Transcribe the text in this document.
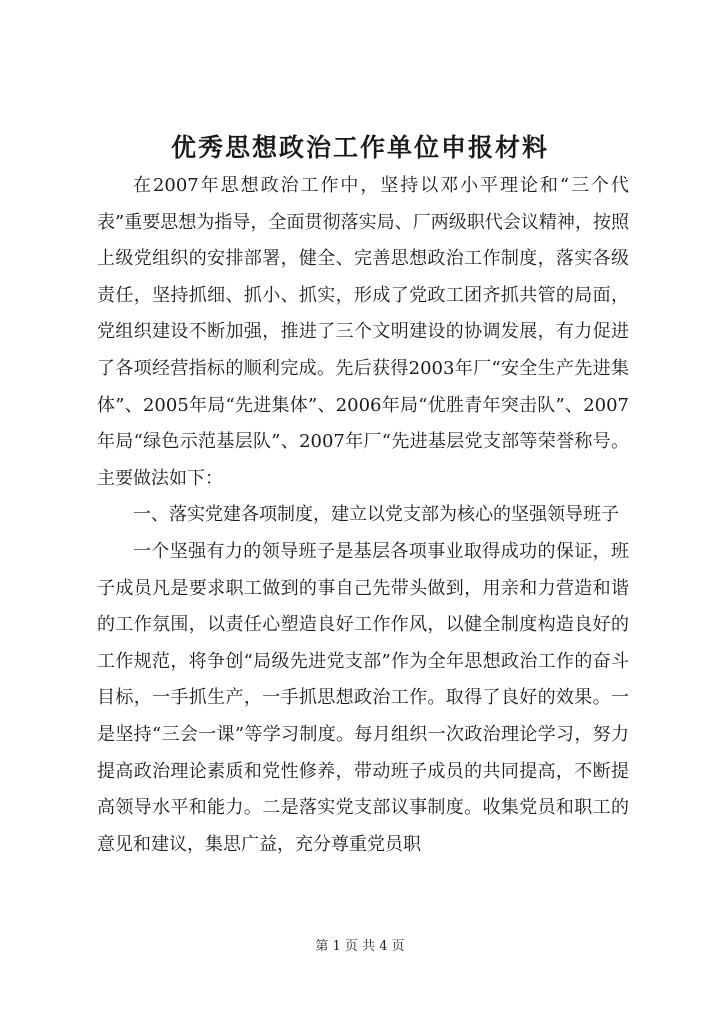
优秀思想政治工作单位申报材料

在2007年思想政治工作中，坚持以邓小平理论和“三个代表”重要思想为指导，全面贯彻落实局、厂两级职代会议精神，按照上级党组织的安排部署，健全、完善思想政治工作制度，落实各级责任，坚持抓细、抓小、抓实，形成了党政工团齐抓共管的局面，党组织建设不断加强，推进了三个文明建设的协调发展，有力促进了各项经营指标的顺利完成。先后获得2003年厂“安全生产先进集体”、2005年局“先进集体”、2006年局“优胜青年突击队”、2007年局“绿色示范基层队”、2007年厂“先进基层党支部等荣誉称号。主要做法如下：

一、落实党建各项制度，建立以党支部为核心的坚强领导班子

一个坚强有力的领导班子是基层各项事业取得成功的保证，班子成员凡是要求职工做到的事自己先带头做到，用亲和力营造和谐的工作氛围，以责任心塑造良好工作作风，以健全制度构造良好的工作规范，将争创“局级先进党支部”作为全年思想政治工作的奋斗目标，一手抓生产，一手抓思想政治工作。取得了良好的效果。一是坚持“三会一课”等学习制度。每月组织一次政治理论学习，努力提高政治理论素质和党性修养，带动班子成员的共同提高，不断提高领导水平和能力。二是落实党支部议事制度。收集党员和职工的意见和建议，集思广益，充分尊重党员职

第 1 页 共 4 页
